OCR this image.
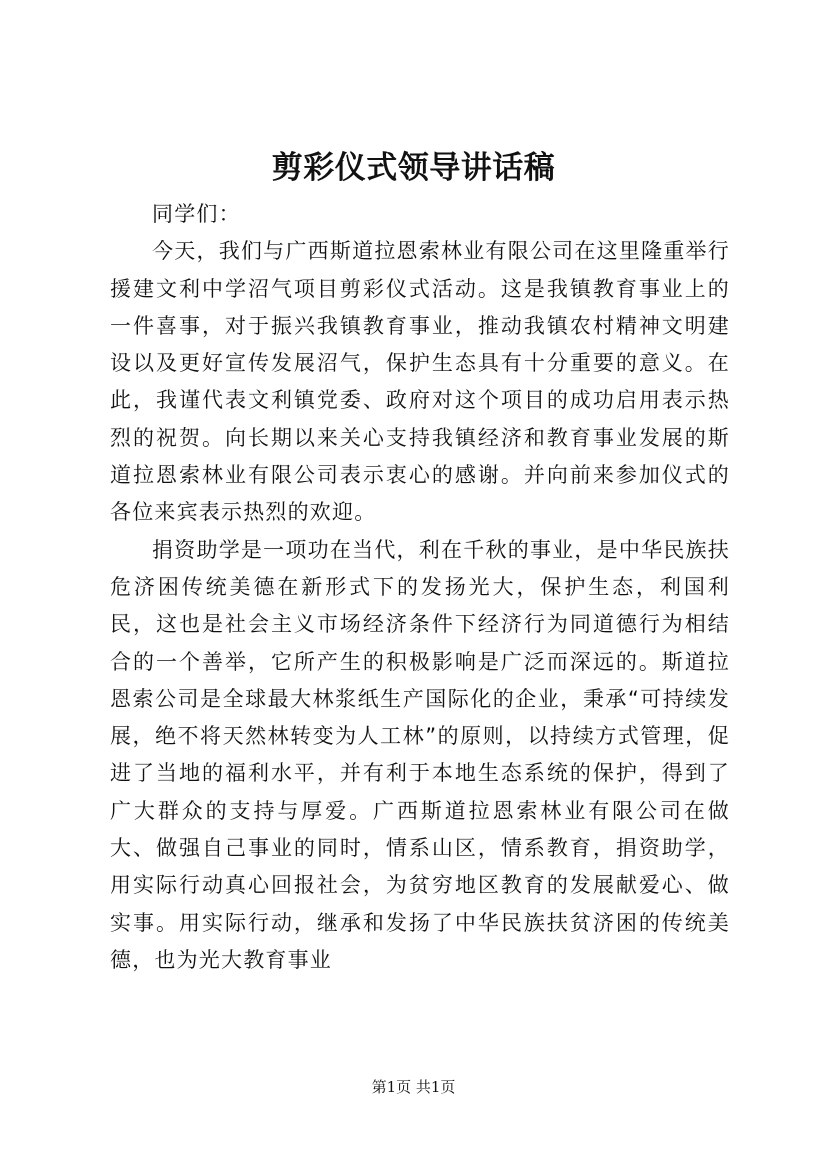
剪彩仪式领导讲话稿

同学们：

今天，我们与广西斯道拉恩索林业有限公司在这里隆重举行援建文利中学沼气项目剪彩仪式活动。这是我镇教育事业上的一件喜事，对于振兴我镇教育事业，推动我镇农村精神文明建设以及更好宣传发展沼气，保护生态具有十分重要的意义。在此，我谨代表文利镇党委、政府对这个项目的成功启用表示热烈的祝贺。向长期以来关心支持我镇经济和教育事业发展的斯道拉恩索林业有限公司表示衷心的感谢。并向前来参加仪式的各位来宾表示热烈的欢迎。

捐资助学是一项功在当代，利在千秋的事业，是中华民族扶危济困传统美德在新形式下的发扬光大，保护生态，利国利民，这也是社会主义市场经济条件下经济行为同道德行为相结合的一个善举，它所产生的积极影响是广泛而深远的。斯道拉恩索公司是全球最大林浆纸生产国际化的企业，秉承“可持续发展，绝不将天然林转变为人工林”的原则，以持续方式管理，促进了当地的福利水平，并有利于本地生态系统的保护，得到了广大群众的支持与厚爱。广西斯道拉恩索林业有限公司在做大、做强自己事业的同时，情系山区，情系教育，捐资助学，用实际行动真心回报社会，为贫穷地区教育的发展献爱心、做实事。用实际行动，继承和发扬了中华民族扶贫济困的传统美德，也为光大教育事业

第1页 共1页
